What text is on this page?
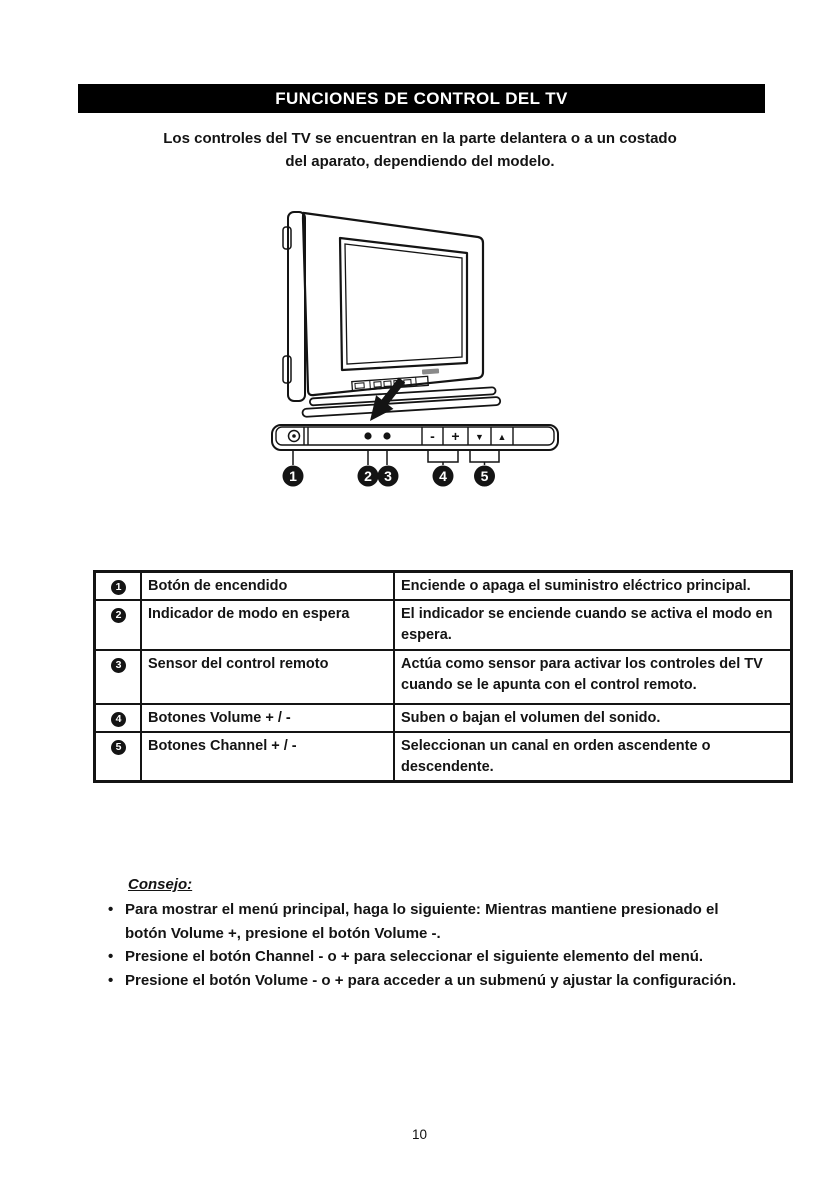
FUNCIONES DE CONTROL DEL TV
Los controles del TV se encuentran en la parte delantera o a un costado
del aparato, dependiendo del modelo.
- + ▼ ▲
1	2 3	4 5
1	Botón de encendido	Enciende o apaga el suministro eléctrico principal.
2	Indicador de modo en espera	El indicador se enciende cuando se activa el modo en espera.
3	Sensor del control remoto	Actúa como sensor para activar los controles del TV cuando se le apunta con el control remoto.
4	Botones Volume + / -	Suben o bajan el volumen del sonido.
5	Botones Channel + / -	Seleccionan un canal en orden ascendente o descendente.
Consejo:
• Para mostrar el menú principal, haga lo siguiente: Mientras mantiene presionado el botón Volume +, presione el botón Volume -.
• Presione el botón Channel - o + para seleccionar el siguiente elemento del menú.
• Presione el botón Volume - o + para acceder a un submenú y ajustar la configuración.
10
